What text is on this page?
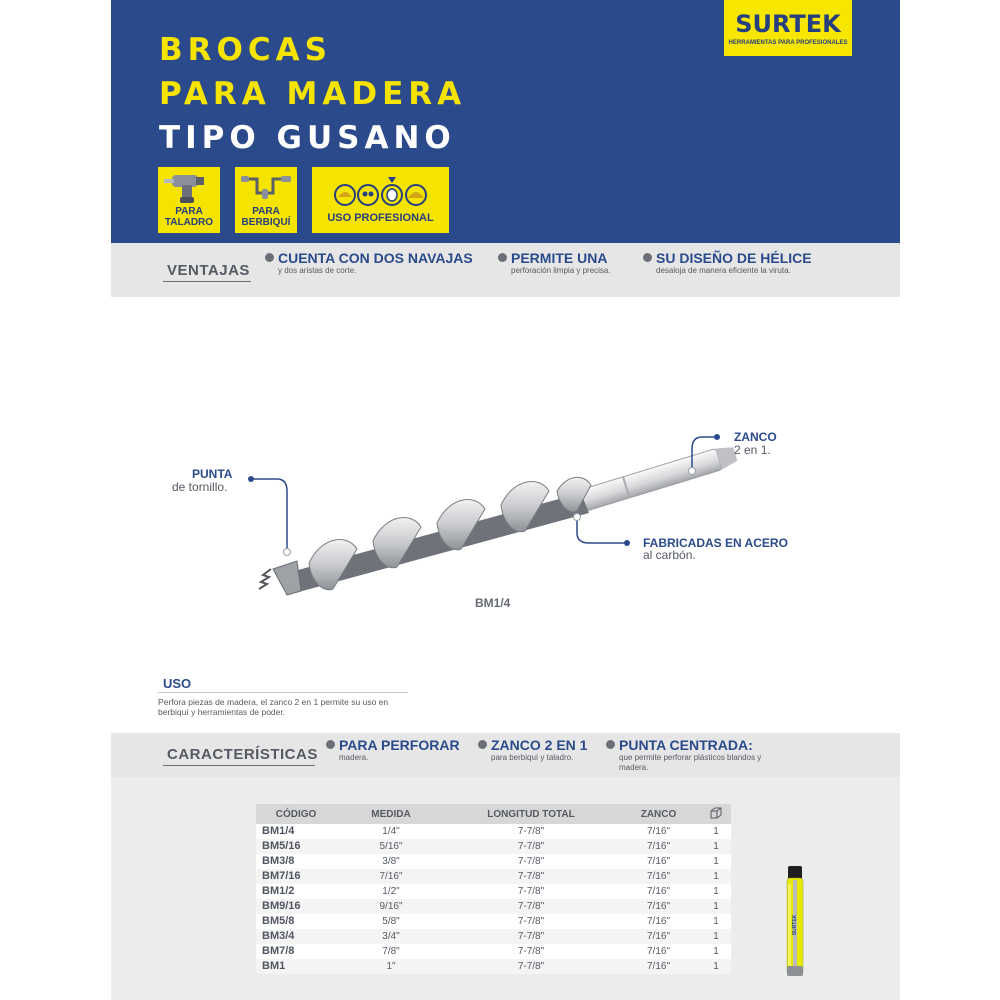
BROCAS
PARA MADERA
TIPO GUSANO
SURTEK
HERRAMIENTAS PARA PROFESIONALES
PARA
TALADRO
PARA
BERBIQUÍ	USO PROFESIONAL
VENTAJAS
CUENTA CON DOS NAVAJAS
y dos aristas de corte.
PERMITE UNA
perforación limpia y precisa.
SU DISEÑO DE HÉLICE
desaloja de manera eficiente la viruta.
PUNTA
de tornillo.
ZANCO
2 en 1.
FABRICADAS EN ACERO
al carbón.
BM1/4
USO
Perfora piezas de madera, el zanco 2 en 1 permite su uso en berbiquí y herramientas de poder.
CARACTERÍSTICAS
PARA PERFORAR
madera.
ZANCO 2 EN 1
para berbiquí y taladro.
PUNTA CENTRADA:
que permite perforar plásticos blandos y madera.
CÓDIGO	MEDIDA	LONGITUD TOTAL	ZANCO	
BM1/4	1/4"	7-7/8"	7/16"	1
BM5/16	5/16"	7-7/8"	7/16"	1
BM3/8	3/8"	7-7/8"	7/16"	1
BM7/16	7/16"	7-7/8"	7/16"	1
BM1/2	1/2"	7-7/8"	7/16"	1
BM9/16	9/16"	7-7/8"	7/16"	1
BM5/8	5/8"	7-7/8"	7/16"	1
BM3/4	3/4"	7-7/8"	7/16"	1
BM7/8	7/8"	7-7/8"	7/16"	1
BM1	1"	7-7/8"	7/16"	1
SURTEK
